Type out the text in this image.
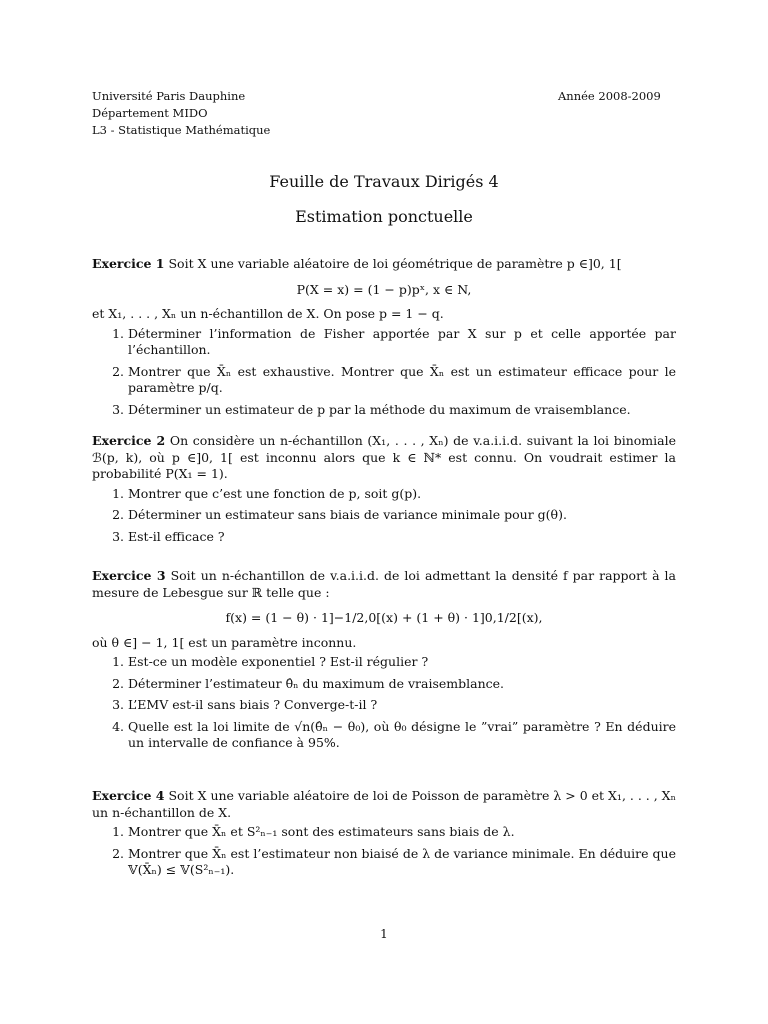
Université Paris Dauphine
Département MIDO
L3 - Statistique Mathématique
Année 2008-2009
Feuille de Travaux Dirigés 4
Estimation ponctuelle
Exercice 1 Soit X une variable aléatoire de loi géométrique de paramètre p ∈]0, 1[
P(X = x) = (1 − p)pˣ, x ∈ N,
et X₁, . . . , Xₙ un n-échantillon de X. On pose p = 1 − q.
1. Déterminer l’information de Fisher apportée par X sur p et celle apportée par l’échantillon.
2. Montrer que X̄ₙ est exhaustive. Montrer que X̄ₙ est un estimateur efficace pour le paramètre p/q.
3. Déterminer un estimateur de p par la méthode du maximum de vraisemblance.
Exercice 2 On considère un n-échantillon (X₁, . . . , Xₙ) de v.a.i.i.d. suivant la loi binomiale ℬ(p, k), où p ∈]0, 1[ est inconnu alors que k ∈ ℕ* est connu. On voudrait estimer la probabilité P(X₁ = 1).
1. Montrer que c’est une fonction de p, soit g(p).
2. Déterminer un estimateur sans biais de variance minimale pour g(θ).
3. Est-il efficace ?
Exercice 3 Soit un n-échantillon de v.a.i.i.d. de loi admettant la densité f par rapport à la mesure de Lebesgue sur ℝ telle que :
f(x) = (1 − θ) · 1]−1/2,0[(x) + (1 + θ) · 1]0,1/2[(x),
où θ ∈] − 1, 1[ est un paramètre inconnu.
1. Est-ce un modèle exponentiel ? Est-il régulier ?
2. Déterminer l’estimateur θ̂ₙ du maximum de vraisemblance.
3. L’EMV est-il sans biais ? Converge-t-il ?
4. Quelle est la loi limite de √n(θ̂ₙ − θ₀), où θ₀ désigne le ”vrai” paramètre ? En déduire un intervalle de confiance à 95%.
Exercice 4 Soit X une variable aléatoire de loi de Poisson de paramètre λ > 0 et X₁, . . . , Xₙ un n-échantillon de X.
1. Montrer que X̄ₙ et S²ₙ₋₁ sont des estimateurs sans biais de λ.
2. Montrer que X̄ₙ est l’estimateur non biaisé de λ de variance minimale. En déduire que 𝕍(X̄ₙ) ≤ 𝕍(S²ₙ₋₁).
1
